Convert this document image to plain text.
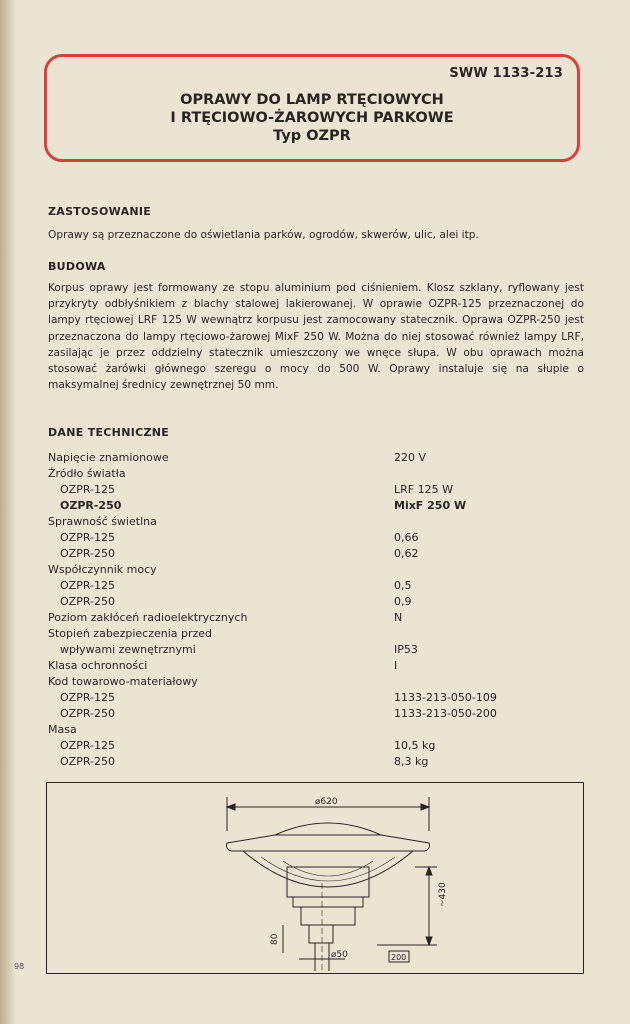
SWW 1133-213
OPRAWY DO LAMP RTĘCIOWYCH
I RTĘCIOWO-ŻAROWYCH PARKOWE
Typ OZPR
ZASTOSOWANIE

Oprawy są przeznaczone do oświetlania parków, ogrodów, skwerów, ulic, alei itp.

BUDOWA

Korpus oprawy jest formowany ze stopu aluminium pod ciśnieniem. Klosz szklany, ryflowany jest przykryty odbłyśnikiem z blachy stalowej lakierowanej. W oprawie OZPR-125 przeznaczonej do lampy rtęciowej LRF 125 W wewnątrz korpusu jest zamocowany statecznik. Oprawa OZPR-250 jest przeznaczona do lampy rtęciowo-żarowej MixF 250 W. Można do niej stosować również lampy LRF, zasilając je przez oddzielny statecznik umieszczony we wnęce słupa. W obu oprawach można stosować żarówki głównego szeregu o mocy do 500 W. Oprawy instaluje się na słupie o maksymalnej średnicy zewnętrznej 50 mm.

DANE TECHNICZNE
Napięcie znamionowe	220 V
Źródło światła
OZPR-125	LRF 125 W
OZPR-250	MixF 250 W
Sprawność świetlna
OZPR-125	0,66
OZPR-250	0,62
Współczynnik mocy
OZPR-125	0,5
OZPR-250	0,9
Poziom zakłóceń radioelektrycznych	N
Stopień zabezpieczenia przed
wpływami zewnętrznymi	IP53
Klasa ochronności	I
Kod towarowo-materiałowy
OZPR-125	1133-213-050-109
OZPR-250	1133-213-050-200
Masa
OZPR-125	10,5 kg
OZPR-250	8,3 kg
⌀620
~430
80
⌀50	200
98
